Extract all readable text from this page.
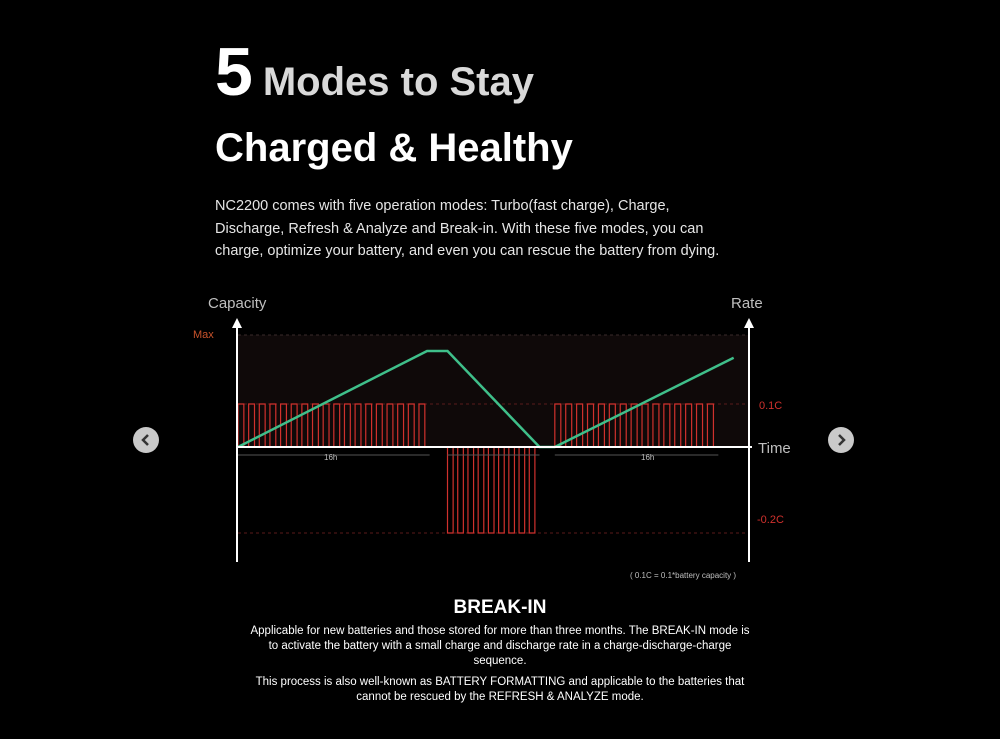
5 Modes to Stay
Charged & Healthy

NC2200 comes with five operation modes: Turbo(fast charge), Charge,

Discharge, Refresh & Analyze and Break-in. With these five modes, you can

charge, optimize your battery, and even you can rescue the battery from dying.

Capacity	Rate
Time
Max
0.1C
-0.2C
16h	16h
( 0.1C = 0.1*battery capacity )
BREAK-IN

Applicable for new batteries and those stored for more than three months. The BREAK-IN mode is to activate the battery with a small charge and discharge rate in a charge-discharge-charge sequence.

This process is also well-known as BATTERY FORMATTING and applicable to the batteries that cannot be rescued by the REFRESH & ANALYZE mode.
